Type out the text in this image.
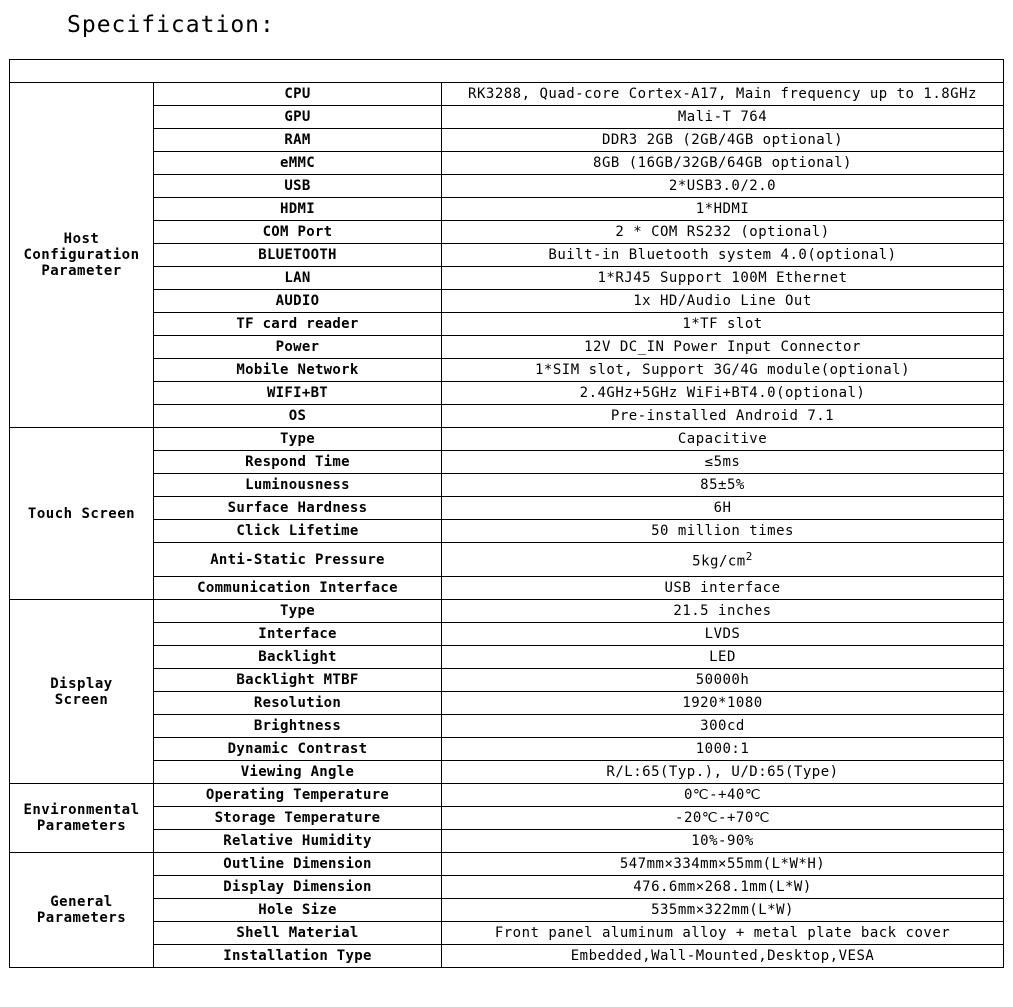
Specification:

Host
Configuration
Parameter	CPU	RK3288, Quad-core Cortex-A17, Main frequency up to 1.8GHz
	GPU	Mali-T 764
	RAM	DDR3 2GB (2GB/4GB optional)
	eMMC	8GB (16GB/32GB/64GB optional)
	USB	2*USB3.0/2.0
	HDMI	1*HDMI
	COM Port	2 * COM RS232 (optional)
	BLUETOOTH	Built-in Bluetooth system 4.0(optional)
	LAN	1*RJ45 Support 100M Ethernet
	AUDIO	1x HD/Audio Line Out
	TF card reader	1*TF slot
	Power	12V DC_IN Power Input Connector
	Mobile Network	1*SIM slot, Support 3G/4G module(optional)
	WIFI+BT	2.4GHz+5GHz WiFi+BT4.0(optional)
	OS	Pre-installed Android 7.1
Touch Screen	Type	Capacitive
	Respond Time	≤5ms
	Luminousness	85±5%
	Surface Hardness	6H
	Click Lifetime	50 million times
	Anti-Static Pressure	$5kg/cm^2$
	Communication Interface	USB interface
Display
Screen	Type	21.5 inches
	Interface	LVDS
	Backlight	LED
	Backlight MTBF	50000h
	Resolution	1920*1080
	Brightness	300cd
	Dynamic Contrast	1000:1
	Viewing Angle	R/L:65(Typ.), U/D:65(Type)
Environmental
Parameters	Operating Temperature	0℃-+40℃
	Storage Temperature	-20℃-+70℃
	Relative Humidity	10%-90%
General
Parameters	Outline Dimension	547mm×334mm×55mm(L*W*H)
	Display Dimension	476.6mm×268.1mm(L*W)
	Hole Size	535mm×322mm(L*W)
	Shell Material	Front panel aluminum alloy + metal plate back cover
	Installation Type	Embedded,Wall-Mounted,Desktop,VESA
